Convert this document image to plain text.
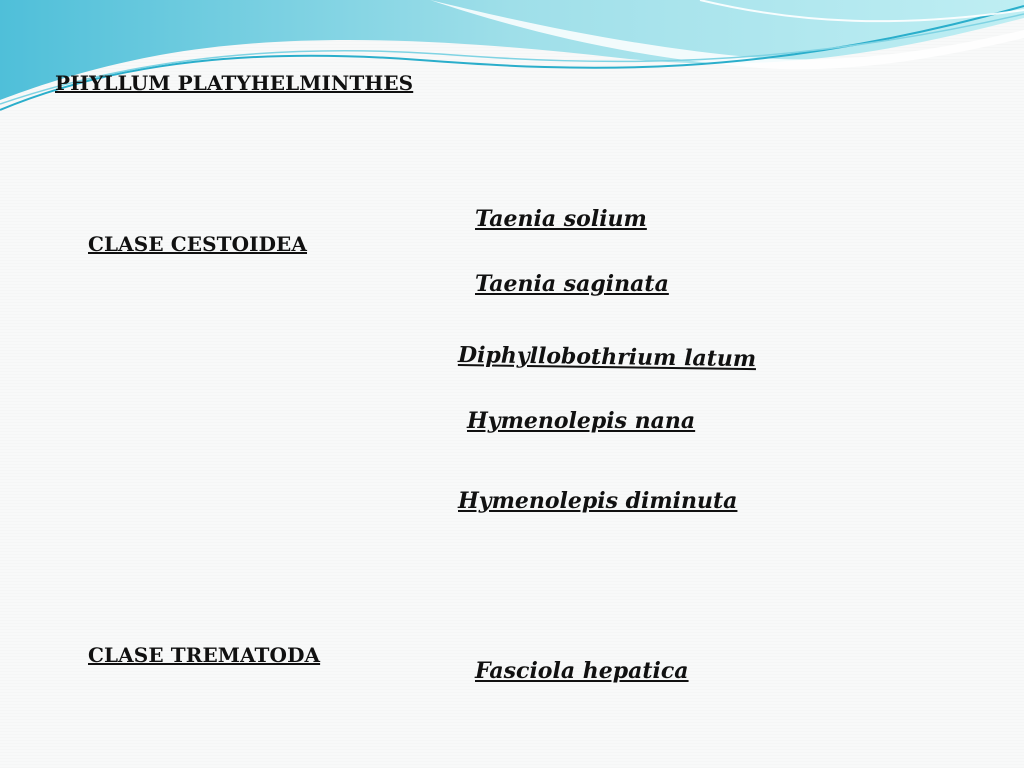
PHYLLUM PLATYHELMINTHES

CLASE CESTOIDEA

Taenia solium

Taenia saginata

Diphyllobothrium latum

Hymenolepis nana

Hymenolepis diminuta

CLASE TREMATODA

Fasciola hepatica
